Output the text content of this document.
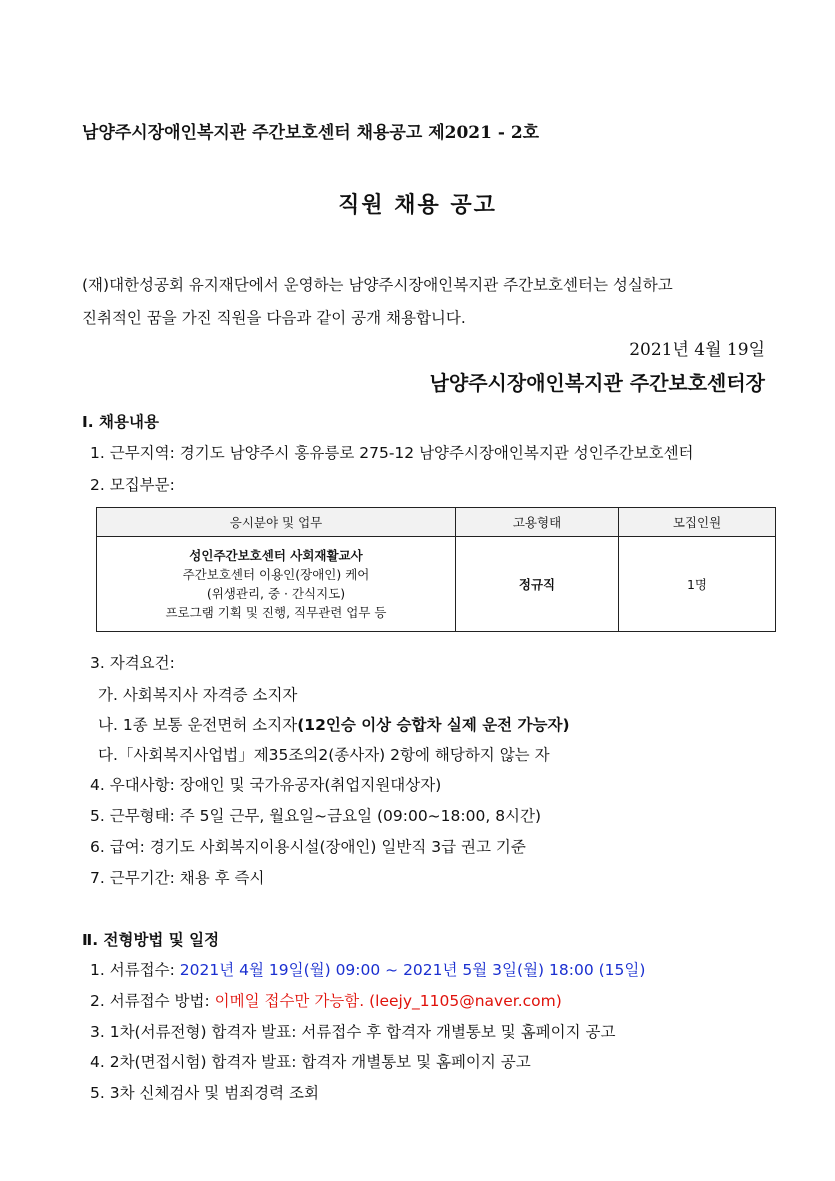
남양주시장애인복지관 주간보호센터 채용공고 제2021 - 2호
직원 채용 공고
(재)대한성공회 유지재단에서 운영하는 남양주시장애인복지관 주간보호센터는 성실하고
진취적인 꿈을 가진 직원을 다음과 같이 공개 채용합니다.
2021년 4월 19일
남양주시장애인복지관 주간보호센터장
Ⅰ. 채용내용
1. 근무지역: 경기도 남양주시 홍유릉로 275-12 남양주시장애인복지관 성인주간보호센터
2. 모집부문:
응시분야 및 업무	고용형태	모집인원

성인주간보호센터 사회재활교사
주간보호센터 이용인(장애인) 케어
(위생관리, 중 · 간식지도)
프로그램 기획 및 진행, 직무관련 업무 등	정규직	1명
3. 자격요건:
가. 사회복지사 자격증 소지자
나. 1종 보통 운전면허 소지자(12인승 이상 승합차 실제 운전 가능자)
다.「사회복지사업법」제35조의2(종사자) 2항에 해당하지 않는 자
4. 우대사항: 장애인 및 국가유공자(취업지원대상자)
5. 근무형태: 주 5일 근무, 월요일~금요일 (09:00~18:00, 8시간)
6. 급여: 경기도 사회복지이용시설(장애인) 일반직 3급 권고 기준
7. 근무기간: 채용 후 즉시
Ⅱ. 전형방법 및 일정
1. 서류접수: 2021년 4월 19일(월) 09:00 ~ 2021년 5월 3일(월) 18:00 (15일)
2. 서류접수 방법: 이메일 접수만 가능함. (leejy_1105@naver.com)
3. 1차(서류전형) 합격자 발표: 서류접수 후 합격자 개별통보 및 홈페이지 공고
4. 2차(면접시험) 합격자 발표: 합격자 개별통보 및 홈페이지 공고
5. 3차 신체검사 및 범죄경력 조회
